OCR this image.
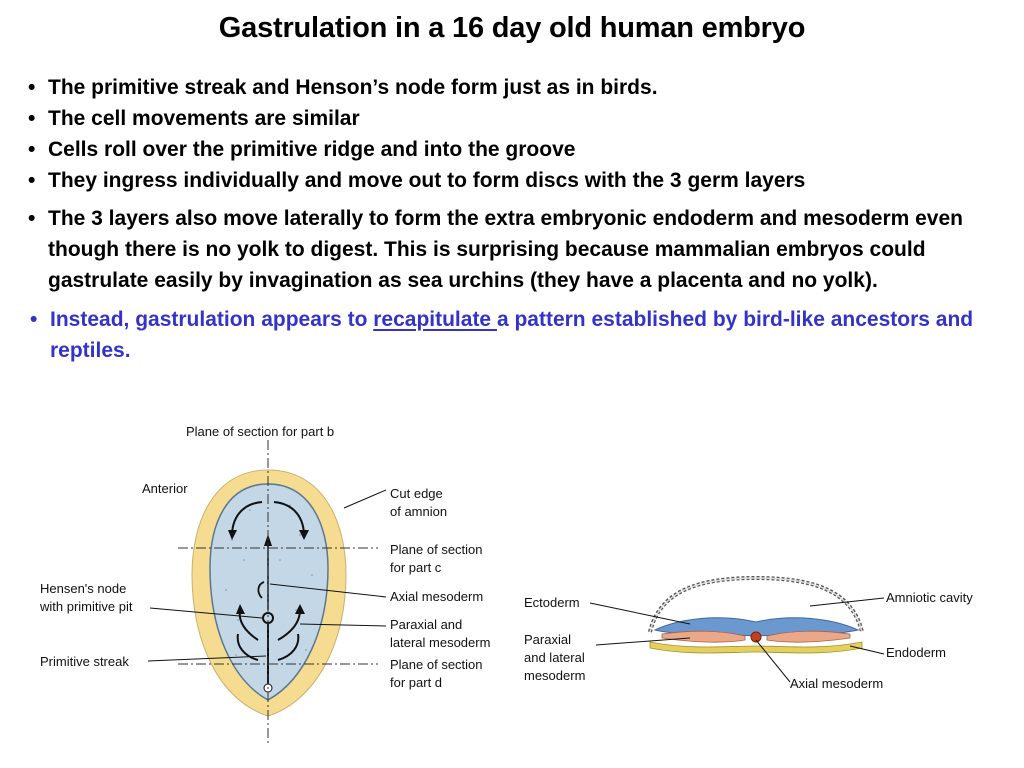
Gastrulation in a 16 day old human embryo
• The primitive streak and Henson’s node form just as in birds.
• The cell movements are similar
• Cells roll over the primitive ridge and into the groove
• They ingress individually and move out to form discs with the 3 germ layers
• The 3 layers also move laterally to form the extra embryonic endoderm and mesoderm even though there is no yolk to digest. This is surprising because mammalian embryos could gastrulate easily by invagination as sea urchins (they have a placenta and no yolk).
• Instead, gastrulation appears to recapitulate a pattern established by bird-like ancestors and reptiles.
Plane of section for part b
Anterior	Cut edge
of amnion
Plane of section
for part c
Axial mesoderm
Hensen's node
with primitive pit
Paraxial and
lateral mesoderm
Primitive streak	Plane of section
for part d
Ectoderm	Amniotic cavity
Paraxial
and lateral
mesoderm
Endoderm
Axial mesoderm
